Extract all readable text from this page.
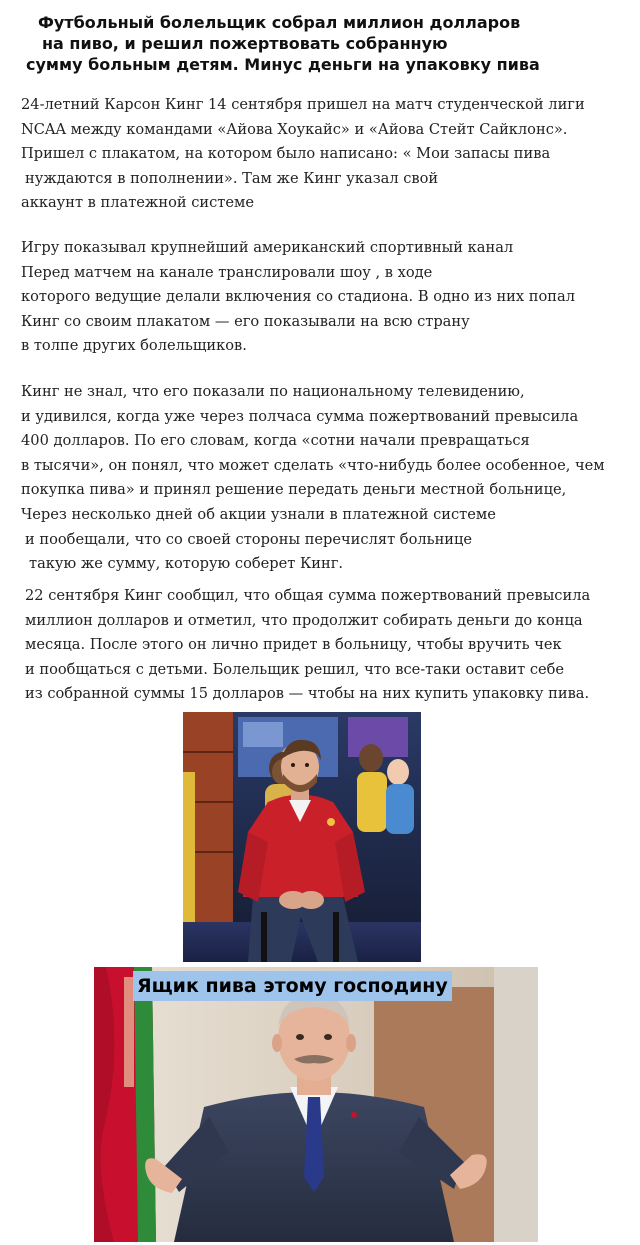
Футбольный болельщик собрал миллион долларов
на пиво, и решил пожертвовать собранную
сумму больным детям. Минус деньги на упаковку пива
24-летний Карсон Кинг 14 сентября пришел на матч студенческой лиги
NCAA между командами «Айова Хоукайс» и «Айова Стейт Сайклонс».
Пришел с плакатом, на котором было написано: « Мои запасы пива
нуждаются в пополнении». Там же Кинг указал свой
аккаунт в платежной системе
Игру показывал крупнейший американский спортивный канал
Перед матчем на канале транслировали шоу , в ходе
которого ведущие делали включения со стадиона. В одно из них попал
Кинг со своим плакатом — его показывали на всю страну
в толпе других болельщиков.
Кинг не знал, что его показали по национальному телевидению,
и удивился, когда уже через полчаса сумма пожертвований превысила
400 долларов. По его словам, когда «сотни начали превращаться
в тысячи», он понял, что может сделать «что-нибудь более особенное, чем
покупка пива» и принял решение передать деньги местной больнице,
Через несколько дней об акции узнали в платежной системе
и пообещали, что со своей стороны перечислят больнице
такую же сумму, которую соберет Кинг.
22 сентября Кинг сообщил, что общая сумма пожертвований превысила
миллион долларов и отметил, что продолжит собирать деньги до конца
месяца. После этого он лично придет в больницу, чтобы вручить чек
и пообщаться с детьми. Болельщик решил, что все-таки оставит себе
из собранной суммы 15 долларов — чтобы на них купить упаковку пива.
Ящик пива этому господину
